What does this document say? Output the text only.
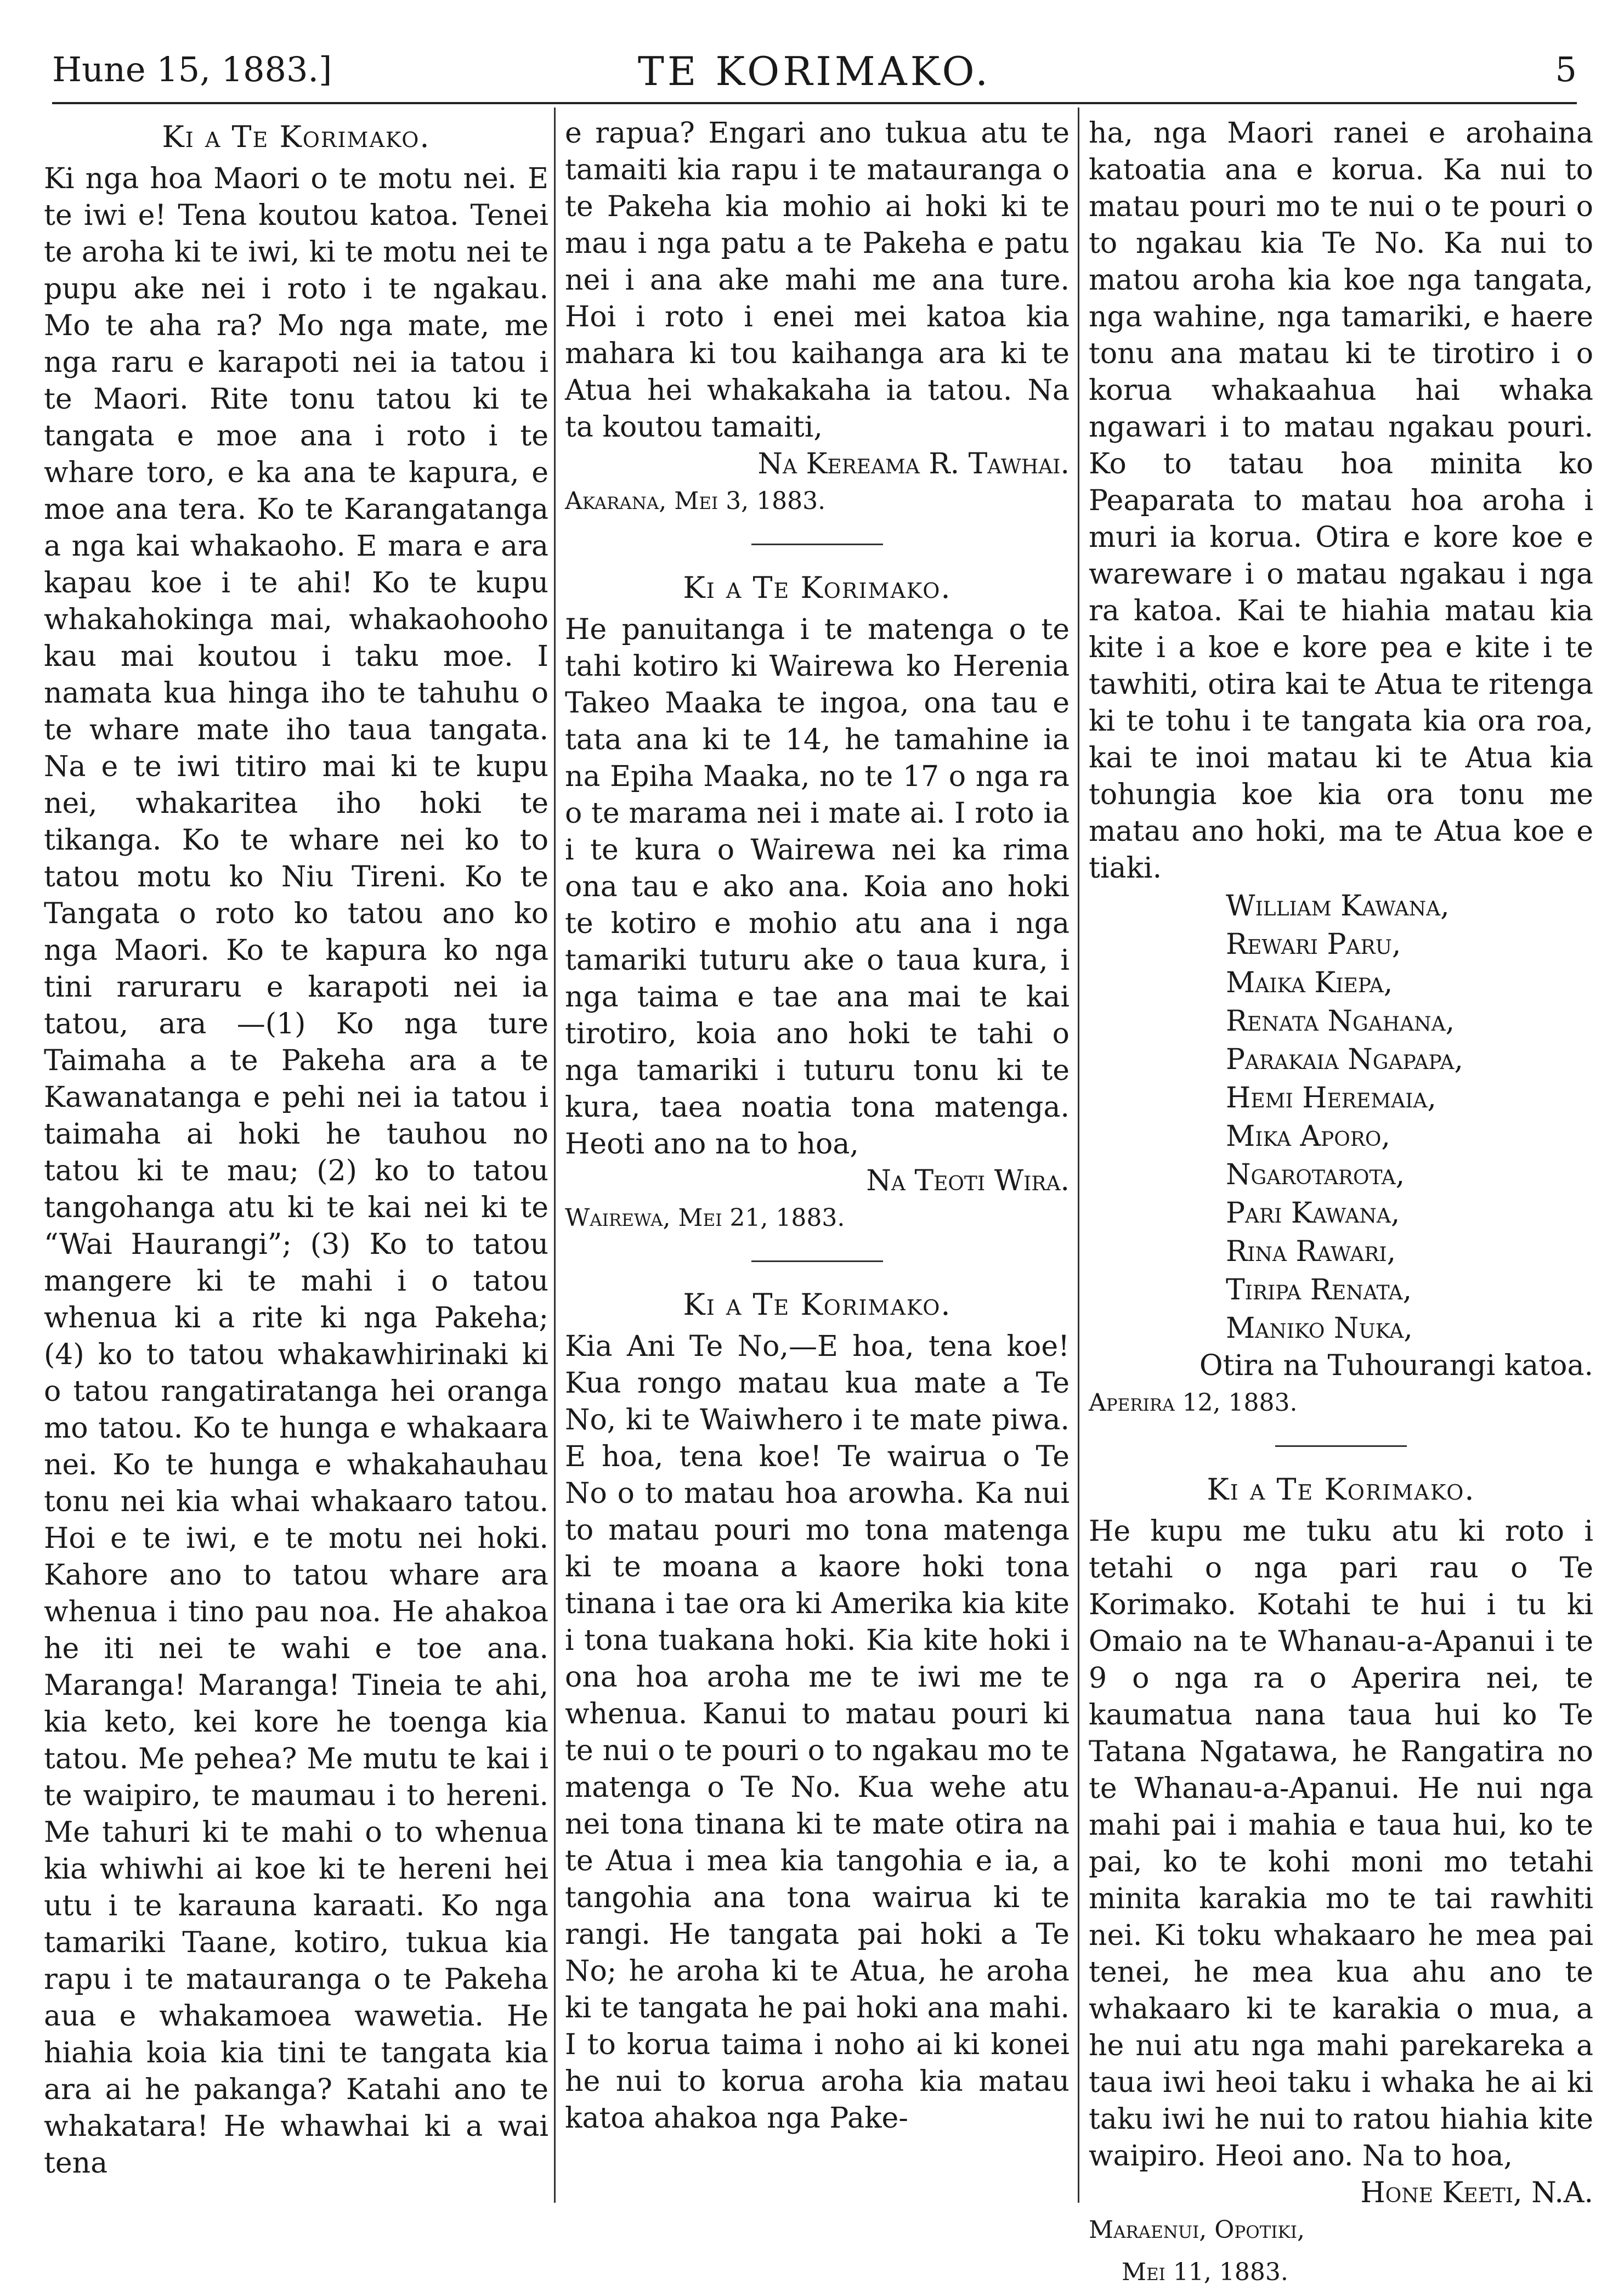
Hune 15, 1883.]	TE KORIMAKO.	5
Ki a Te Korimako.

Ki nga hoa Maori o te motu nei. E te iwi e! Tena koutou katoa. Tenei te aroha ki te iwi, ki te motu nei te pupu ake nei i roto i te ngakau. Mo te aha ra? Mo nga mate, me nga raru e karapoti nei ia tatou i te Maori. Rite tonu tatou ki te tangata e moe ana i roto i te whare toro, e ka ana te kapura, e moe ana tera. Ko te Karangatanga a nga kai whakaoho. E mara e ara kapau koe i te ahi! Ko te kupu whakahokinga mai, whakaohooho kau mai koutou i taku moe. I namata kua hinga iho te tahuhu o te whare mate iho taua tangata. Na e te iwi titiro mai ki te kupu nei, whakaritea iho hoki te tikanga. Ko te whare nei ko to tatou motu ko Niu Tireni. Ko te Tangata o roto ko tatou ano ko nga Maori. Ko te kapura ko nga tini raruraru e karapoti nei ia tatou, ara —(1) Ko nga ture Taimaha a te Pakeha ara a te Kawanatanga e pehi nei ia tatou i taimaha ai hoki he tauhou no tatou ki te mau; (2) ko to tatou tangohanga atu ki te kai nei ki te “Wai Haurangi”; (3) Ko to tatou mangere ki te mahi i o tatou whenua ki a rite ki nga Pakeha; (4) ko to tatou whakawhirinaki ki o tatou rangatiratanga hei oranga mo tatou. Ko te hunga e whakaara nei. Ko te hunga e whakahauhau tonu nei kia whai whakaaro tatou. Hoi e te iwi, e te motu nei hoki. Kahore ano to tatou whare ara whenua i tino pau noa. He ahakoa he iti nei te wahi e toe ana. Maranga! Maranga! Tineia te ahi, kia keto, kei kore he toenga kia tatou. Me pehea? Me mutu te kai i te waipiro, te maumau i to hereni. Me tahuri ki te mahi o to whenua kia whiwhi ai koe ki te hereni hei utu i te karauna karaati. Ko nga tamariki Taane, kotiro, tukua kia rapu i te matauranga o te Pakeha aua e whakamoea wawetia. He hiahia koia kia tini te tangata kia ara ai he pakanga? Katahi ano te whakatara! He whawhai ki a wai tena

e rapua? Engari ano tukua atu te tamaiti kia rapu i te matauranga o te Pakeha kia mohio ai hoki ki te mau i nga patu a te Pakeha e patu nei i ana ake mahi me ana ture. Hoi i roto i enei mei katoa kia mahara ki tou kaihanga ara ki te Atua hei whakakaha ia tatou. Na ta koutou tamaiti,

Na Kereama R. Tawhai.
Akarana, Mei 3, 1883.
Ki a Te Korimako.

He panuitanga i te matenga o te tahi kotiro ki Wairewa ko Herenia Takeo Maaka te ingoa, ona tau e tata ana ki te 14, he tamahine ia na Epiha Maaka, no te 17 o nga ra o te marama nei i mate ai. I roto ia i te kura o Wairewa nei ka rima ona tau e ako ana. Koia ano hoki te kotiro e mohio atu ana i nga tamariki tuturu ake o taua kura, i nga taima e tae ana mai te kai tirotiro, koia ano hoki te tahi o nga tamariki i tuturu tonu ki te kura, taea noatia tona matenga. Heoti ano na to hoa,

Na Teoti Wira.
Wairewa, Mei 21, 1883.
Ki a Te Korimako.

Kia Ani Te No,—E hoa, tena koe! Kua rongo matau kua mate a Te No, ki te Waiwhero i te mate piwa. E hoa, tena koe! Te wairua o Te No o to matau hoa arowha. Ka nui to matau pouri mo tona matenga ki te moana a kaore hoki tona tinana i tae ora ki Amerika kia kite i tona tuakana hoki. Kia kite hoki i ona hoa aroha me te iwi me te whenua. Kanui to matau pouri ki te nui o te pouri o to ngakau mo te matenga o Te No. Kua wehe atu nei tona tinana ki te mate otira na te Atua i mea kia tangohia e ia, a tangohia ana tona wairua ki te rangi. He tangata pai hoki a Te No; he aroha ki te Atua, he aroha ki te tangata he pai hoki ana mahi. I to korua taima i noho ai ki konei he nui to korua aroha kia matau katoa ahakoa nga Pake-

ha, nga Maori ranei e arohaina katoatia ana e korua. Ka nui to matau pouri mo te nui o te pouri o to ngakau kia Te No. Ka nui to matou aroha kia koe nga tangata, nga wahine, nga tamariki, e haere tonu ana matau ki te tirotiro i o korua whakaahua hai whaka ngawari i to matau ngakau pouri. Ko to tatau hoa minita ko Peaparata to matau hoa aroha i muri ia korua. Otira e kore koe e wareware i o matau ngakau i nga ra katoa. Kai te hiahia matau kia kite i a koe e kore pea e kite i te tawhiti, otira kai te Atua te ritenga ki te tohu i te tangata kia ora roa, kai te inoi matau ki te Atua kia tohungia koe kia ora tonu me matau ano hoki, ma te Atua koe e tiaki.

William Kawana,
Rewari Paru,
Maika Kiepa,
Renata Ngahana,
Parakaia Ngapapa,
Hemi Heremaia,
Mika Aporo,
Ngarotarota,
Pari Kawana,
Rina Rawari,
Tiripa Renata,
Maniko Nuka,
Otira na Tuhourangi katoa.
Aperira 12, 1883.
Ki a Te Korimako.

He kupu me tuku atu ki roto i tetahi o nga pari rau o Te Korimako. Kotahi te hui i tu ki Omaio na te Whanau-a-Apanui i te 9 o nga ra o Aperira nei, te kaumatua nana taua hui ko Te Tatana Ngatawa, he Rangatira no te Whanau-a-Apanui. He nui nga mahi pai i mahia e taua hui, ko te pai, ko te kohi moni mo tetahi minita karakia mo te tai rawhiti nei. Ki toku whakaaro he mea pai tenei, he mea kua ahu ano te whakaaro ki te karakia o mua, a he nui atu nga mahi parekareka a taua iwi heoi taku i whaka he ai ki taku iwi he nui to ratou hiahia kite waipiro. Heoi ano. Na to hoa,

Hone Keeti, N.A.
Maraenui, Opotiki,
Mei 11, 1883.
